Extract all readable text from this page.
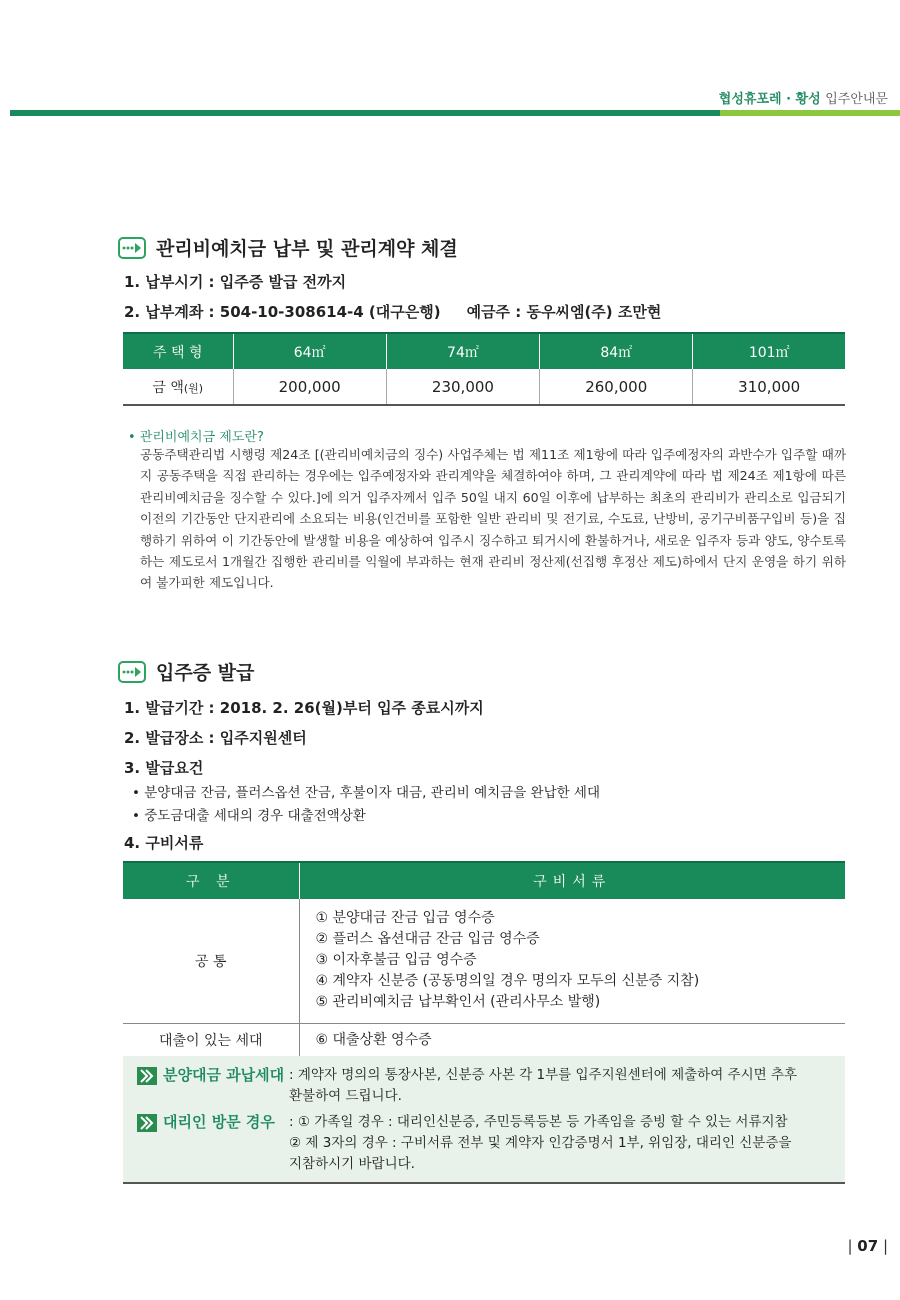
협성휴포레 · 황성 입주안내문
관리비예치금 납부 및 관리계약 체결
1. 납부시기 : 입주증 발급 전까지
2. 납부계좌 : 504-10-308614-4 (대구은행) 예금주 : 동우씨엠(주) 조만현
주 택 형	64㎡	74㎡	84㎡	101㎡
금 액(원)	200,000	230,000	260,000	310,000
• 관리비예치금 제도란?
공동주택관리법 시행령 제24조 [(관리비예치금의 징수) 사업주체는 법 제11조 제1항에 따라 입주예정자의 과반수가 입주할 때까지 공동주택을 직접 관리하는 경우에는 입주예정자와 관리계약을 체결하여야 하며, 그 관리계약에 따라 법 제24조 제1항에 따른 관리비예치금을 징수할 수 있다.]에 의거 입주자께서 입주 50일 내지 60일 이후에 납부하는 최초의 관리비가 관리소로 입금되기 이전의 기간동안 단지관리에 소요되는 비용(인건비를 포함한 일반 관리비 및 전기료, 수도료, 난방비, 공기구비품구입비 등)을 집행하기 위하여 이 기간동안에 발생할 비용을 예상하여 입주시 징수하고 퇴거시에 환불하거나, 새로운 입주자 등과 양도, 양수토록 하는 제도로서 1개월간 집행한 관리비를 익월에 부과하는 현재 관리비 정산제(선집행 후정산 제도)하에서 단지 운영을 하기 위하여 불가피한 제도입니다.
입주증 발급
1. 발급기간 : 2018. 2. 26(월)부터 입주 종료시까지
2. 발급장소 : 입주지원센터
3. 발급요건
• 분양대금 잔금, 플러스옵션 잔금, 후불이자 대금, 관리비 예치금을 완납한 세대
• 중도금대출 세대의 경우 대출전액상환
4. 구비서류
구 분	구비서류
공 통	① 분양대금 잔금 입금 영수증
② 플러스 옵션대금 잔금 입금 영수증
③ 이자후불금 입금 영수증
④ 계약자 신분증 (공동명의일 경우 명의자 모두의 신분증 지참)
⑤ 관리비예치금 납부확인서 (관리사무소 발행)
대출이 있는 세대	⑥ 대출상환 영수증
분양대금 과납세대 : 계약자 명의의 통장사본, 신분증 사본 각 1부를 입주지원센터에 제출하여 주시면 추후
환불하여 드립니다.
대리인 방문 경우 : ① 가족일 경우 : 대리인신분증, 주민등록등본 등 가족임을 증빙 할 수 있는 서류지참
② 제 3자의 경우 : 구비서류 전부 및 계약자 인감증명서 1부, 위임장, 대리인 신분증을
지참하시기 바랍니다.
| 07 |
